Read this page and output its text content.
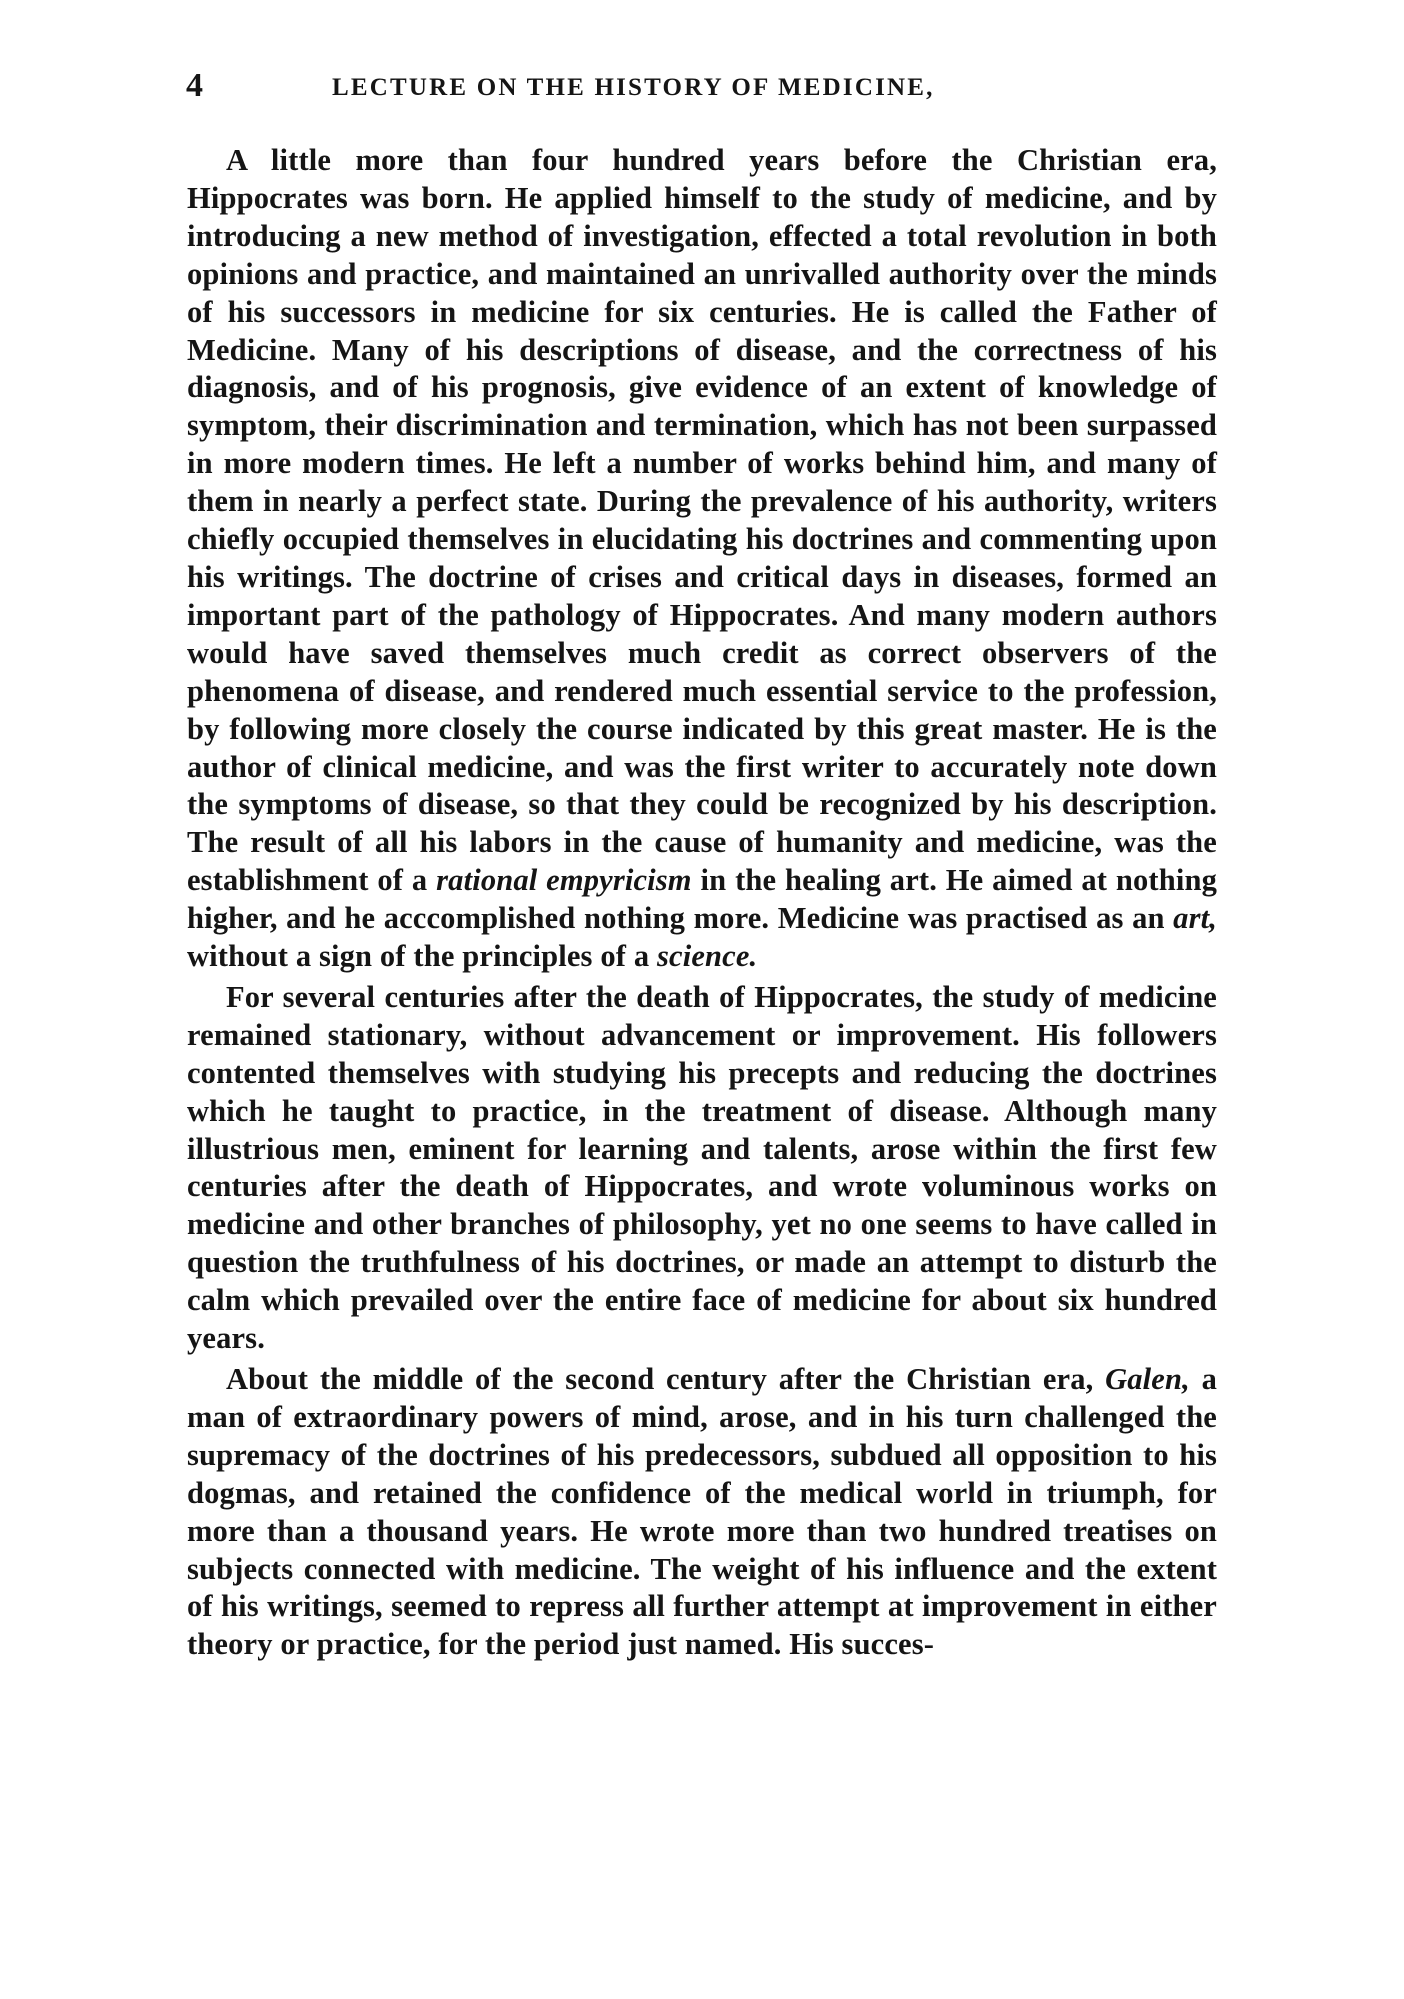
4	LECTURE ON THE HISTORY OF MEDICINE,

A little more than four hundred years before the Christian era, Hippocrates was born. He applied himself to the study of medicine, and by introducing a new method of investigation, effected a total revolution in both opinions and practice, and maintained an unrivalled authority over the minds of his successors in medicine for six centuries. He is called the Father of Medicine. Many of his descriptions of disease, and the correctness of his diagnosis, and of his prognosis, give evidence of an extent of knowledge of symptom, their discrimination and termination, which has not been surpassed in more modern times. He left a number of works behind him, and many of them in nearly a perfect state. During the prevalence of his authority, writers chiefly occupied themselves in elucidating his doctrines and commenting upon his writings. The doctrine of crises and critical days in diseases, formed an important part of the pathology of Hippocrates. And many modern authors would have saved themselves much credit as correct observers of the phenomena of disease, and rendered much essential service to the profession, by following more closely the course indicated by this great master. He is the author of clinical medicine, and was the first writer to accurately note down the symptoms of disease, so that they could be recognized by his description. The result of all his labors in the cause of humanity and medicine, was the establishment of a rational empyricism in the healing art. He aimed at nothing higher, and he acccomplished nothing more. Medicine was practised as an art, without a sign of the principles of a science.

For several centuries after the death of Hippocrates, the study of medicine remained stationary, without advancement or improvement. His followers contented themselves with studying his precepts and reducing the doctrines which he taught to practice, in the treatment of disease. Although many illustrious men, eminent for learning and talents, arose within the first few centuries after the death of Hippocrates, and wrote voluminous works on medicine and other branches of philosophy, yet no one seems to have called in question the truthfulness of his doctrines, or made an attempt to disturb the calm which prevailed over the entire face of medicine for about six hundred years.

About the middle of the second century after the Christian era, Galen, a man of extraordinary powers of mind, arose, and in his turn challenged the supremacy of the doctrines of his predecessors, subdued all opposition to his dogmas, and retained the confidence of the medical world in triumph, for more than a thousand years. He wrote more than two hundred treatises on subjects connected with medicine. The weight of his influence and the extent of his writings, seemed to repress all further attempt at improvement in either theory or practice, for the period just named. His succes-
